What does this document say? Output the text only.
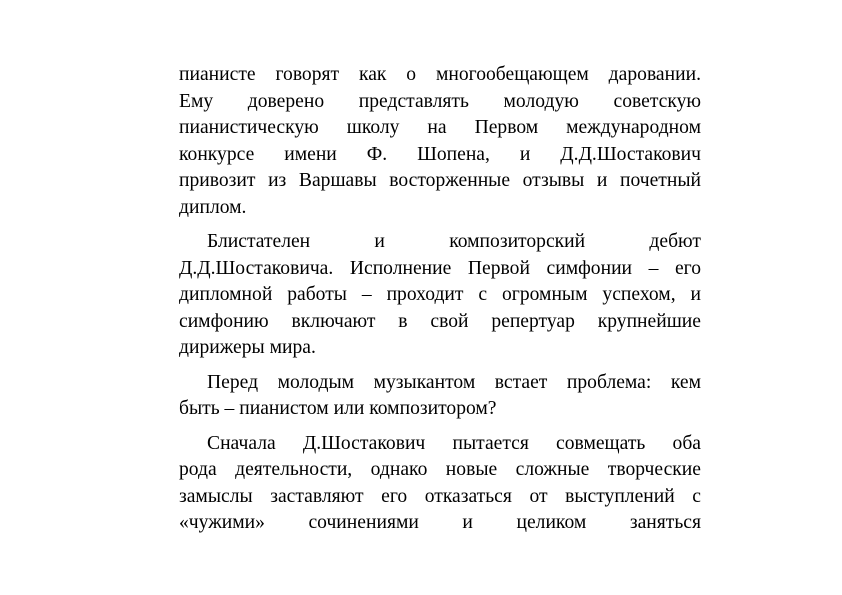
пианисте говорят как о многообещающем даровании.
Ему доверено представлять молодую советскую
пианистическую школу на Первом международном
конкурсе имени Ф. Шопена, и Д.Д.Шостакович
привозит из Варшавы восторженные отзывы и почетный
диплом.
Блистателен и композиторский дебют
Д.Д.Шостаковича. Исполнение Первой симфонии – его
дипломной работы – проходит с огромным успехом, и
симфонию включают в свой репертуар крупнейшие
дирижеры мира.
Перед молодым музыкантом встает проблема: кем
быть – пианистом или композитором?
Сначала Д.Шостакович пытается совмещать оба
рода деятельности, однако новые сложные творческие
замыслы заставляют его отказаться от выступлений с
«чужими» сочинениями и целиком заняться
